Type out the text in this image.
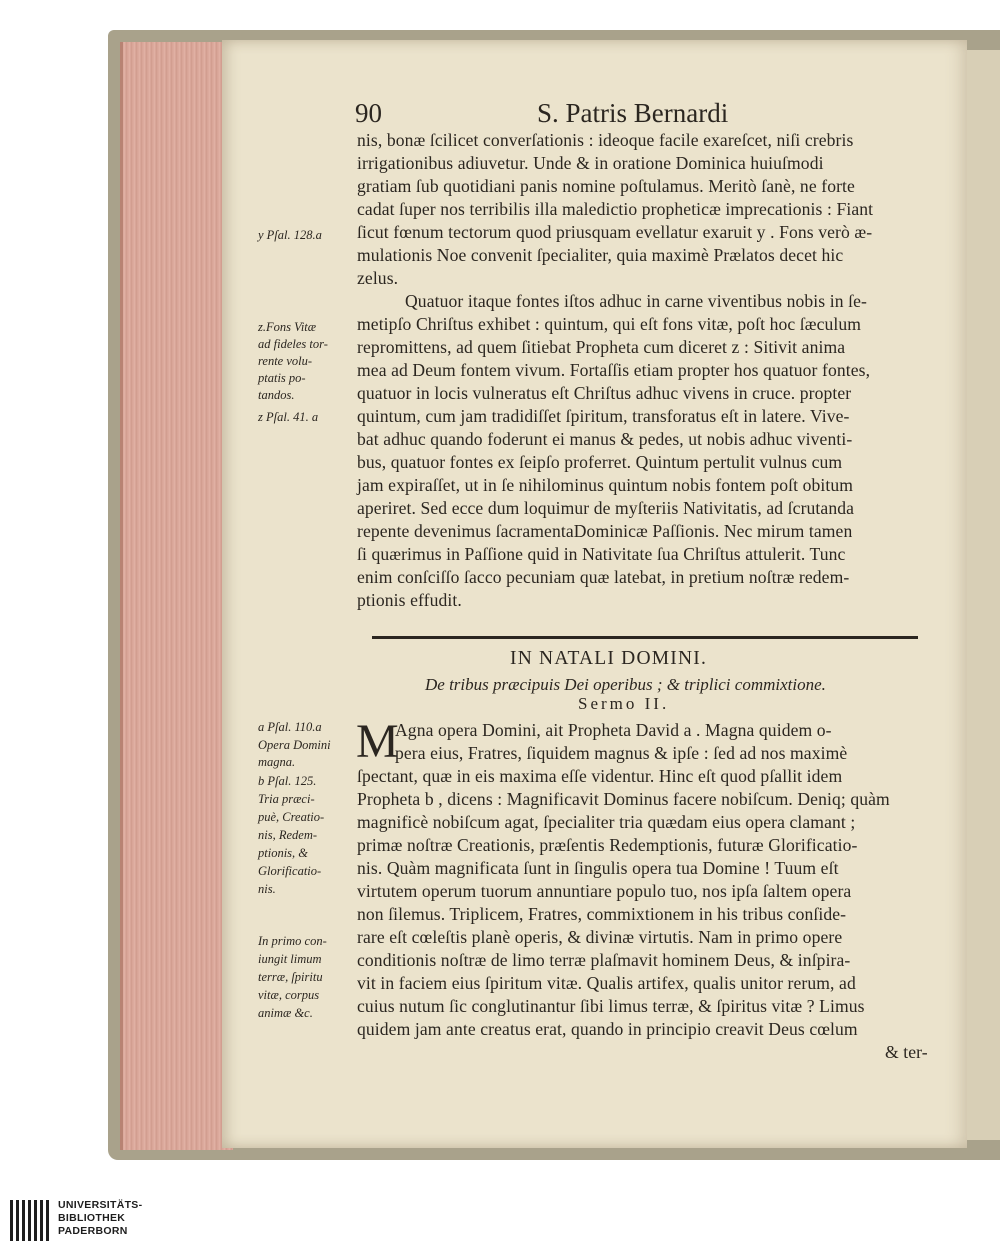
90	S. Patris Bernardi
nis, bonæ ſcilicet converſationis : ideoque facile exareſcet, niſi crebris
irrigationibus adiuvetur. Unde & in oratione Dominica huiuſmodi
gratiam ſub quotidiani panis nomine poſtulamus. Meritò ſanè, ne forte
cadat ſuper nos terribilis illa maledictio propheticæ imprecationis : Fiant
ſicut fœnum tectorum quod priusquam evellatur exaruit y . Fons verò æ-
mulationis Noe convenit ſpecialiter, quia maximè Prælatos decet hic
zelus.
Quatuor itaque fontes iſtos adhuc in carne viventibus nobis in ſe-
metipſo Chriſtus exhibet : quintum, qui eſt fons vitæ, poſt hoc ſæculum
repromittens, ad quem ſitiebat Propheta cum diceret z : Sitivit anima
mea ad Deum fontem vivum. Fortaſſis etiam propter hos quatuor fontes,
quatuor in locis vulneratus eſt Chriſtus adhuc vivens in cruce. propter
quintum, cum jam tradidiſſet ſpiritum, transforatus eſt in latere. Vive-
bat adhuc quando foderunt ei manus & pedes, ut nobis adhuc viventi-
bus, quatuor fontes ex ſeipſo proferret. Quintum pertulit vulnus cum
jam expiraſſet, ut in ſe nihilominus quintum nobis fontem poſt obitum
aperiret. Sed ecce dum loquimur de myſteriis Nativitatis, ad ſcrutanda
repente devenimus ſacramentaDominicæ Paſſionis. Nec mirum tamen
ſi quærimus in Paſſione quid in Nativitate ſua Chriſtus attulerit. Tunc
enim conſciſſo ſacco pecuniam quæ latebat, in pretium noſtræ redem-
ptionis effudit.
y Pſal. 128.a
z.Fons Vitæ
ad fideles tor-
rente volu-
ptatis po-
tandos.
z Pſal. 41. a
IN NATALI DOMINI.
De tribus præcipuis Dei operibus ; & triplici commixtione.
Sermo II.
M
Agna opera Domini, ait Propheta David a . Magna quidem o-
pera eius, Fratres, ſiquidem magnus & ipſe : ſed ad nos maximè
ſpectant, quæ in eis maxima eſſe videntur. Hinc eſt quod pſallit idem
Propheta b , dicens : Magnificavit Dominus facere nobiſcum. Deniq; quàm
magnificè nobiſcum agat, ſpecialiter tria quædam eius opera clamant ;
primæ noſtræ Creationis, præſentis Redemptionis, futuræ Glorificatio-
nis. Quàm magnificata ſunt in ſingulis opera tua Domine ! Tuum eſt
virtutem operum tuorum annuntiare populo tuo, nos ipſa ſaltem opera
non ſilemus. Triplicem, Fratres, commixtionem in his tribus conſide-
rare eſt cœleſtis planè operis, & divinæ virtutis. Nam in primo opere
conditionis noſtræ de limo terræ plaſmavit hominem Deus, & inſpira-
vit in faciem eius ſpiritum vitæ. Qualis artifex, qualis unitor rerum, ad
cuius nutum ſic conglutinantur ſibi limus terræ, & ſpiritus vitæ ? Limus
quidem jam ante creatus erat, quando in principio creavit Deus cœlum
& ter-
a Pſal. 110.a
Opera Domini
magna.
b Pſal. 125.
Tria præci-
puè, Creatio-
nis, Redem-
ptionis, &
Glorificatio-
nis.
In primo con-
iungit limum
terræ, ſpiritu
vitæ, corpus
animæ &c.
UNIVERSITÄTS-
BIBLIOTHEK
PADERBORN
